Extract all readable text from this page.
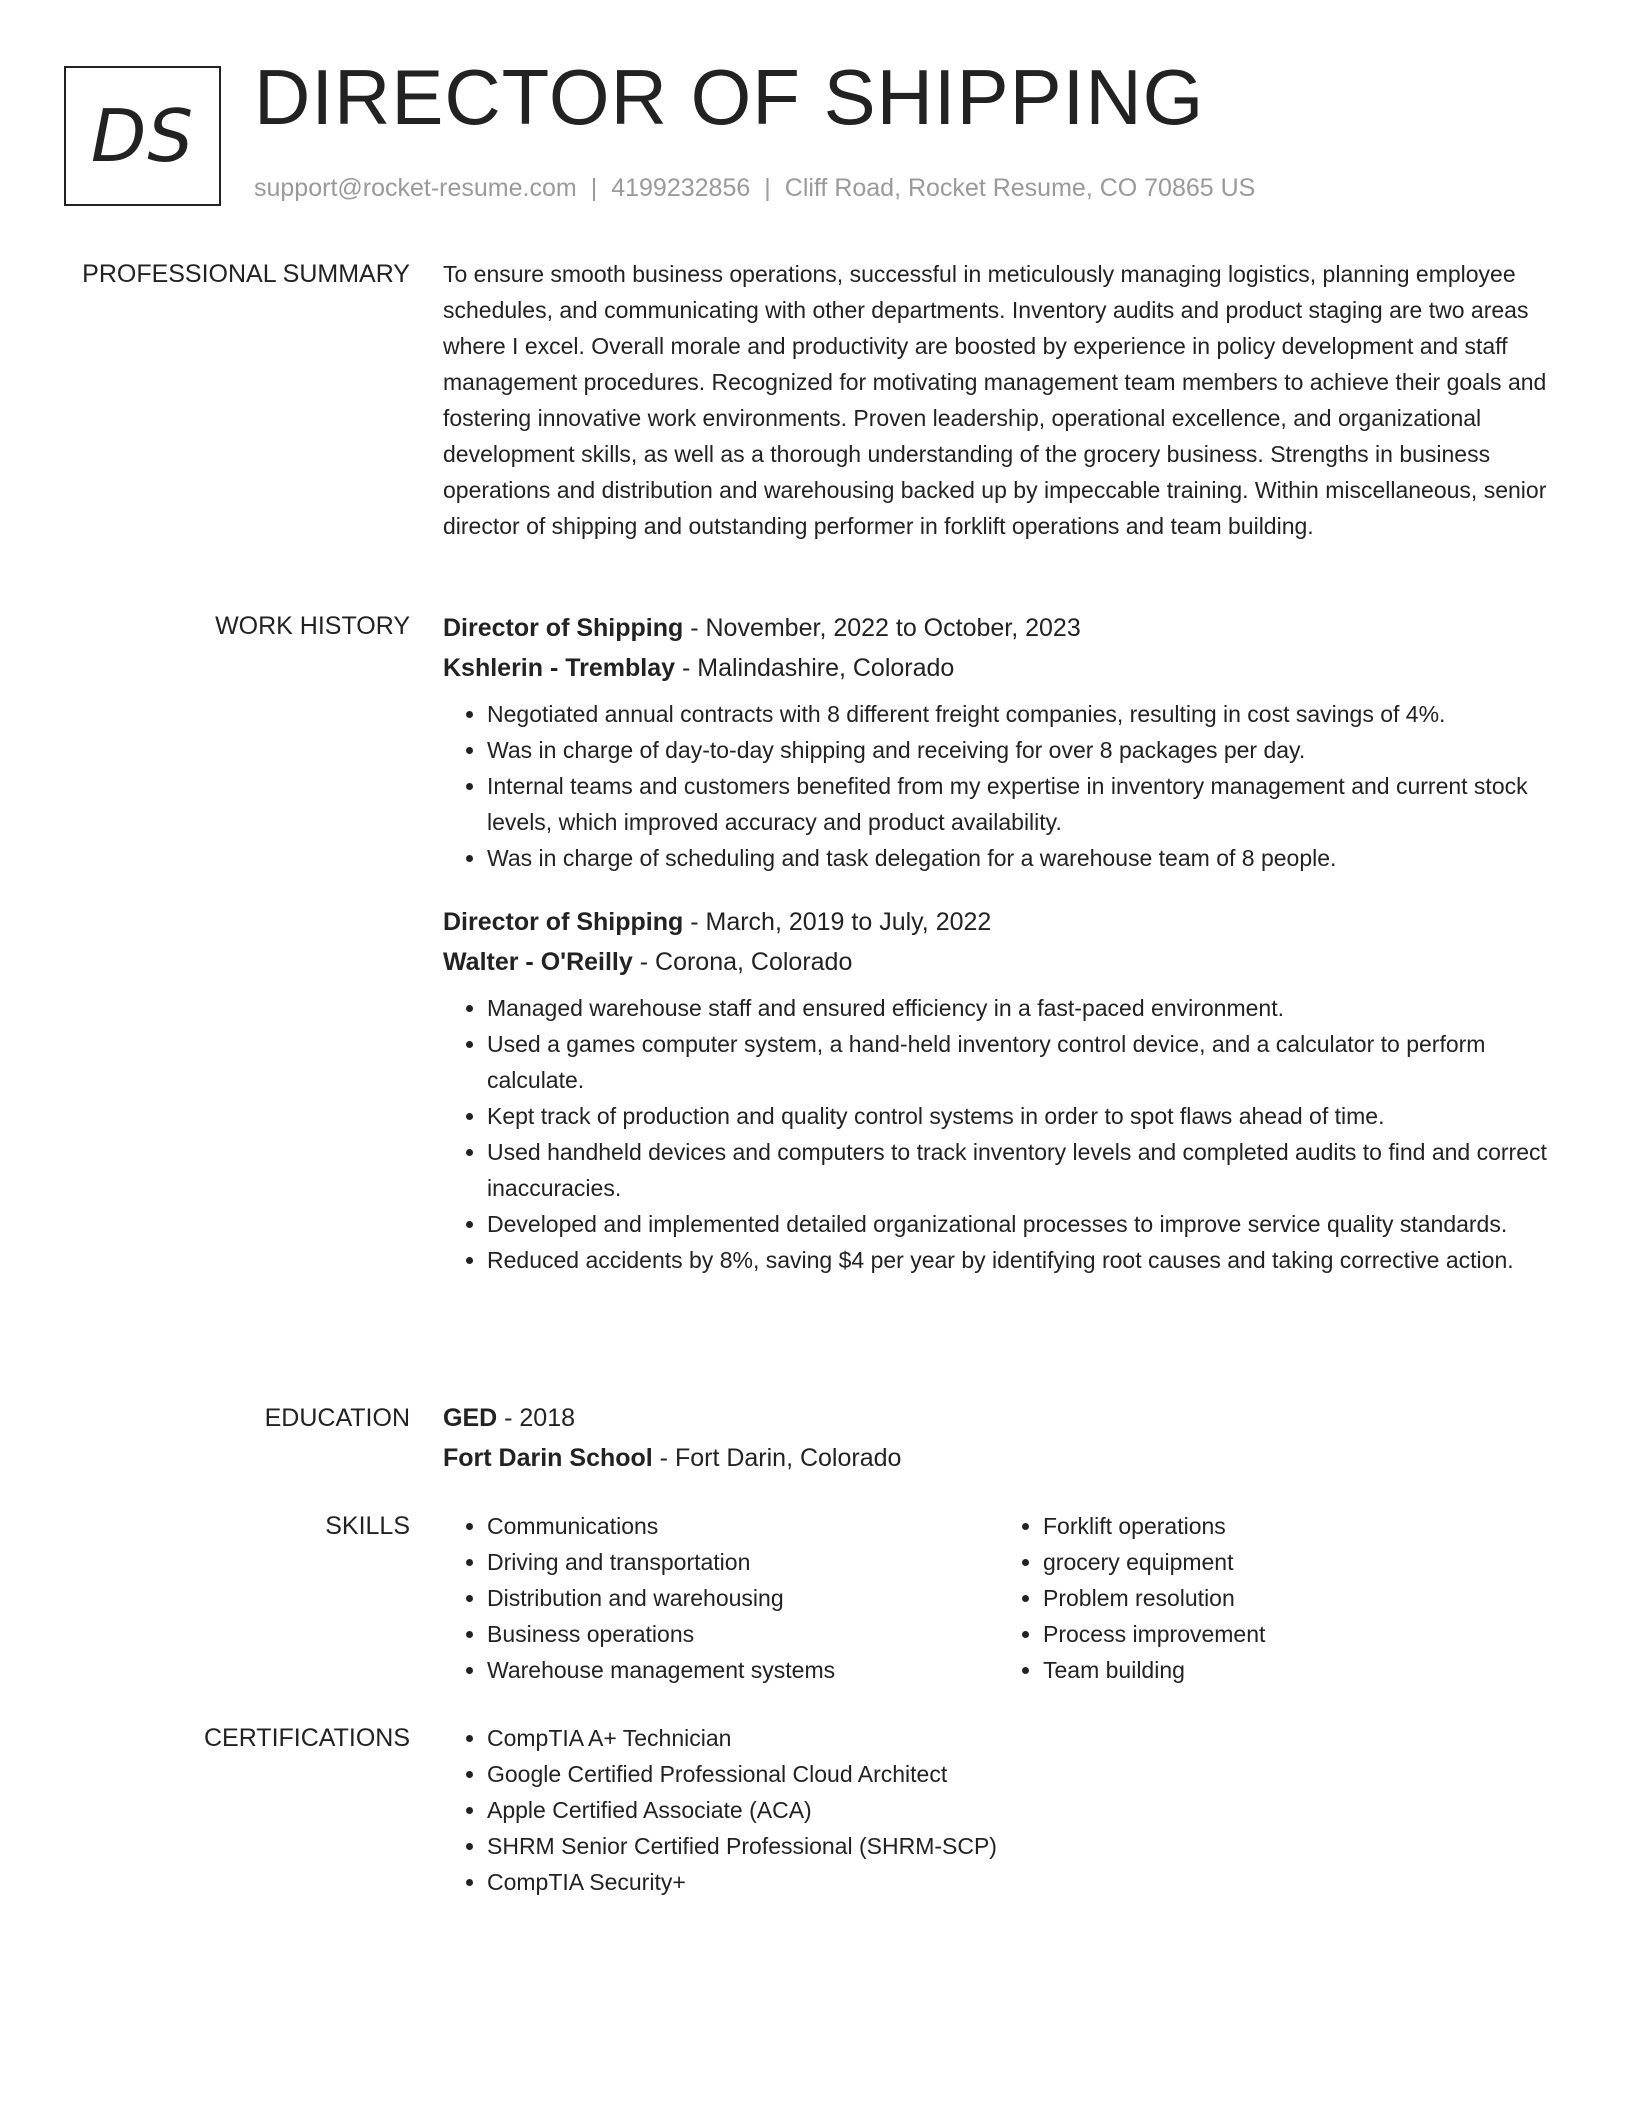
DS DIRECTOR OF SHIPPING
support@rocket-resume.com | 4199232856 | Cliff Road, Rocket Resume, CO 70865 US
PROFESSIONAL SUMMARY To ensure smooth business operations, successful in meticulously managing logistics, planning employee schedules, and communicating with other departments. Inventory audits and product staging are two areas where I excel. Overall morale and productivity are boosted by experience in policy development and staff management procedures. Recognized for motivating management team members to achieve their goals and fostering innovative work environments. Proven leadership, operational excellence, and organizational development skills, as well as a thorough understanding of the grocery business. Strengths in business operations and distribution and warehousing backed up by impeccable training. Within miscellaneous, senior director of shipping and outstanding performer in forklift operations and team building.

WORK HISTORY Director of Shipping - November, 2022 to October, 2023
Kshlerin - Tremblay - Malindashire, Colorado
• Negotiated annual contracts with 8 different freight companies, resulting in cost savings of 4%.
• Was in charge of day-to-day shipping and receiving for over 8 packages per day.
• Internal teams and customers benefited from my expertise in inventory management and current stock levels, which improved accuracy and product availability.
• Was in charge of scheduling and task delegation for a warehouse team of 8 people.
Director of Shipping - March, 2019 to July, 2022
Walter - O'Reilly - Corona, Colorado
• Managed warehouse staff and ensured efficiency in a fast-paced environment.
• Used a games computer system, a hand-held inventory control device, and a calculator to perform calculate.
• Kept track of production and quality control systems in order to spot flaws ahead of time.
• Used handheld devices and computers to track inventory levels and completed audits to find and correct inaccuracies.
• Developed and implemented detailed organizational processes to improve service quality standards.
• Reduced accidents by 8%, saving $4 per year by identifying root causes and taking corrective action.
EDUCATION GED - 2018
Fort Darin School - Fort Darin, Colorado
SKILLS	• Communications
• Driving and transportation
• Distribution and warehousing
• Business operations
• Warehouse management systems
• Forklift operations
• grocery equipment
• Problem resolution
• Process improvement
• Team building
CERTIFICATIONS	• CompTIA A+ Technician
• Google Certified Professional Cloud Architect
• Apple Certified Associate (ACA)
• SHRM Senior Certified Professional (SHRM-SCP)
• CompTIA Security+
